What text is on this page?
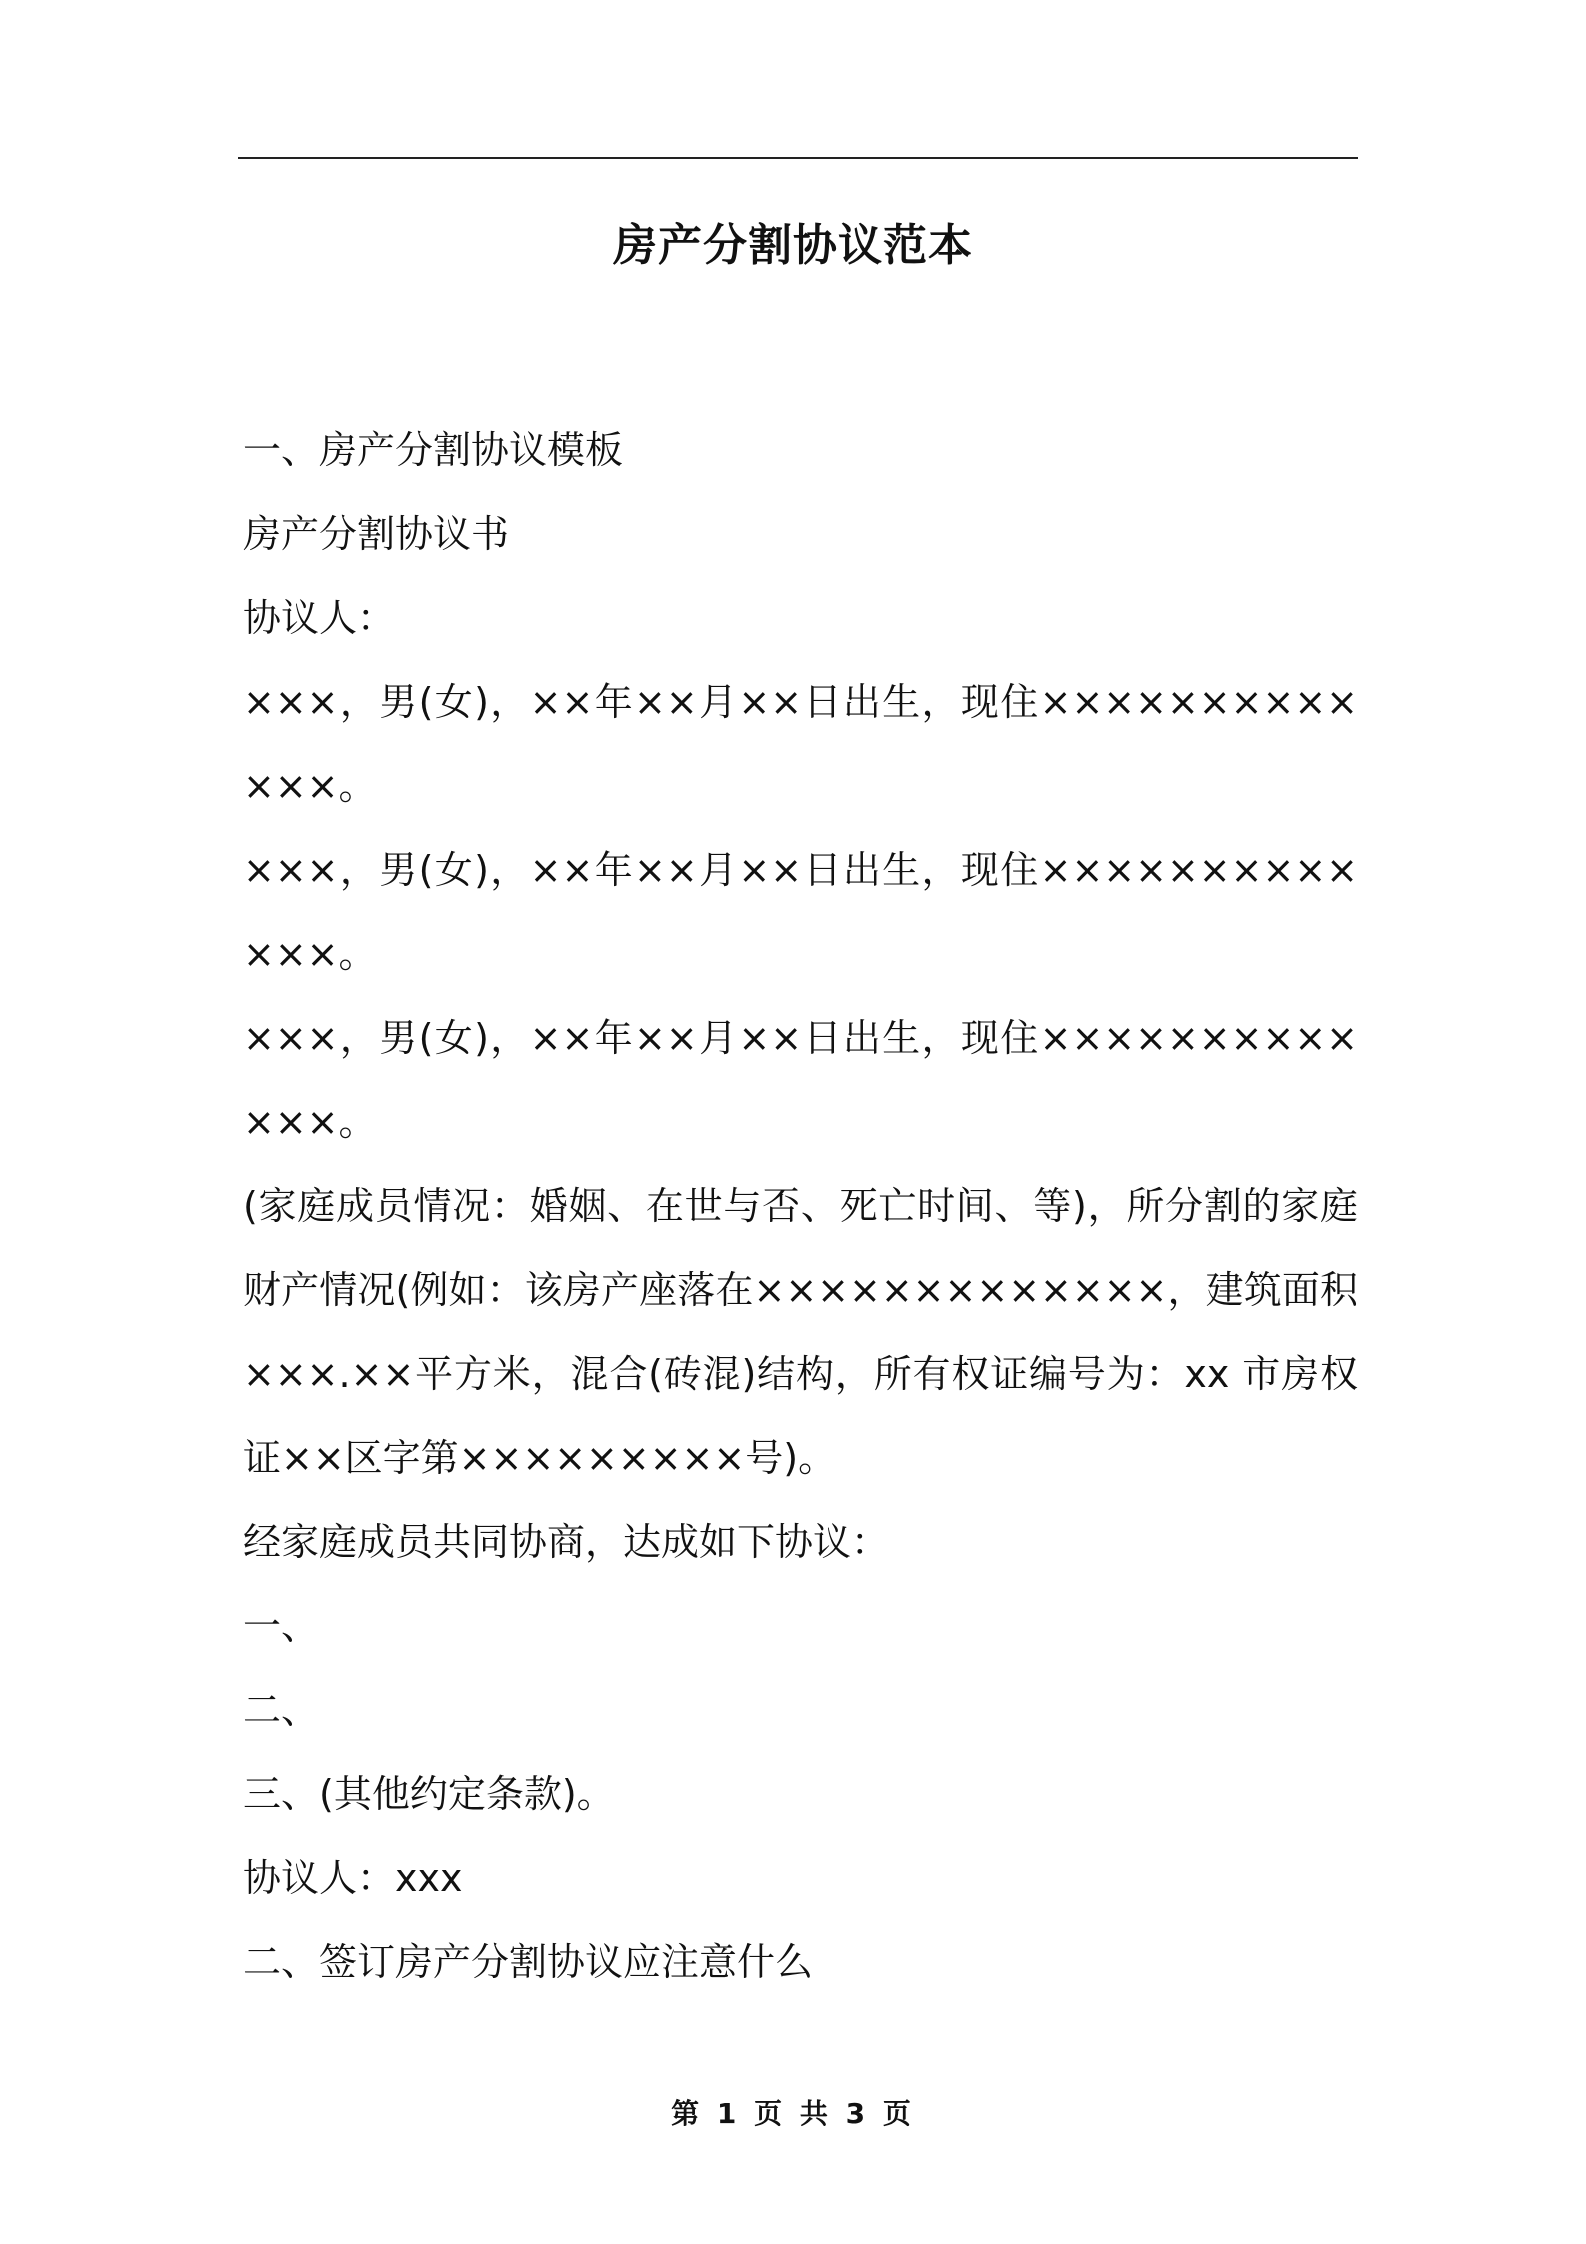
房产分割协议范本

一、房产分割协议模板

房产分割协议书

协议人：

×××，男(女)，××年××月××日出生，现住×××××××××××××。

×××，男(女)，××年××月××日出生，现住×××××××××××××。

×××，男(女)，××年××月××日出生，现住×××××××××××××。

(家庭成员情况：婚姻、在世与否、死亡时间、等)，所分割的家庭财产情况(例如：该房产座落在×××××××××××××，建筑面积×××.××平方米，混合(砖混)结构，所有权证编号为：xx 市房权证××区字第×××××××××号)。

经家庭成员共同协商，达成如下协议：

一、

二、

三、(其他约定条款)。

协议人：xxx

二、签订房产分割协议应注意什么

第 1 页 共 3 页
